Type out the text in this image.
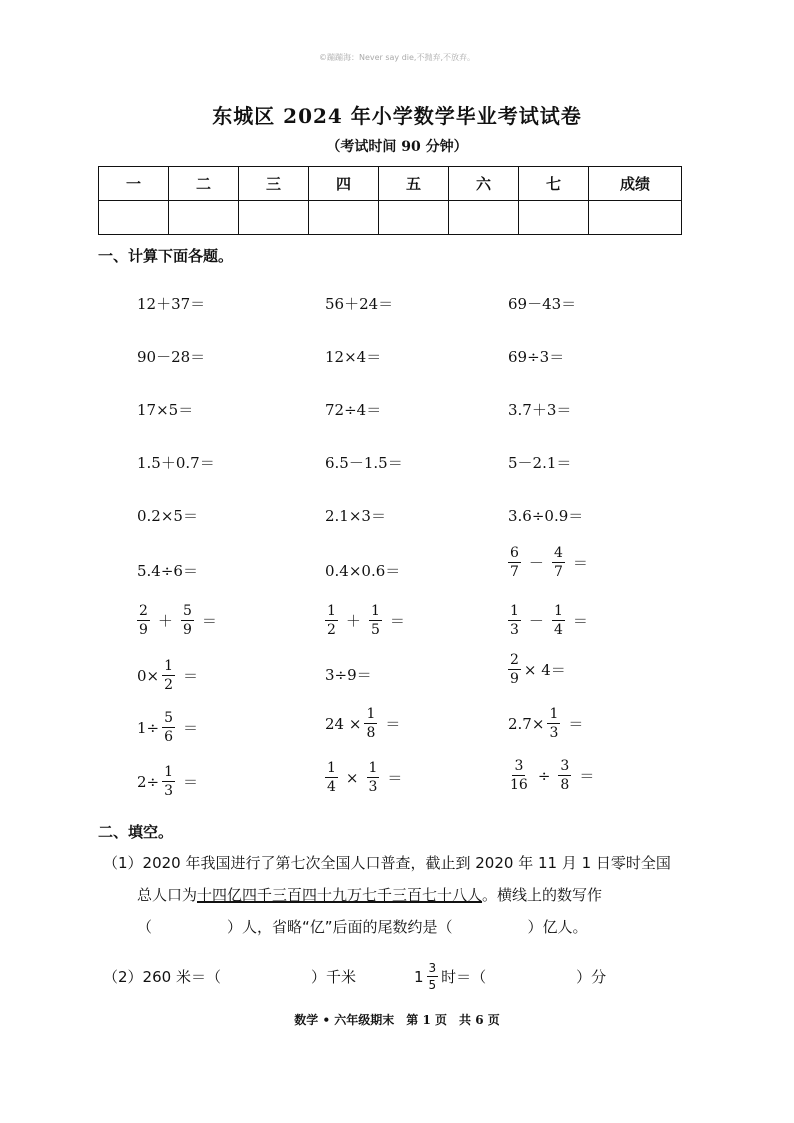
©蹦蹦海：Never say die,不抛弃,不放弃。
东城区 2024 年小学数学毕业考试试卷
（考试时间 90 分钟）
一	二	三	四	五	六	七	成绩

一、计算下面各题。
12＋37＝	56＋24＝	69－43＝
90－28＝	12×4＝	69÷3＝
17×5＝	72÷4＝	3.7＋3＝
1.5＋0.7＝	6.5－1.5＝	5－2.1＝
0.2×5＝	2.1×3＝	3.6÷0.9＝
5.4÷6＝	0.4×0.6＝	$\frac{6}{7} - \frac{4}{7}$ ＝
$\frac{2}{9} + \frac{5}{9}$ ＝	$\frac{1}{2} + \frac{1}{5}$ ＝	$\frac{1}{3} - \frac{1}{4}$ ＝
$0\times \frac{1}{2}$ ＝	3÷9＝	$\frac{2}{9} \times 4=$
$1\div \frac{5}{6}$ ＝	$24 \times \frac{1}{8}$ ＝	$2.7\times \frac{1}{3}$ ＝
$2\div \frac{1}{3}$ ＝	$\frac{1}{4} \times \frac{1}{3}$ ＝	$\frac{3}{16} \div \frac{3}{8}$ ＝
二、填空。
（1）2020 年我国进行了第七次全国人口普查，截止到 2020 年 11 月 1 日零时全国
总人口为十四亿四千三百四十九万七千三百七十八人。横线上的数写作
（　　　　　）人，省略“亿”后面的尾数约是（　　　　　）亿人。
（2）260 米＝（　　　　　　）千米	$1 \frac{3}{5}$ 时＝（　　　　　　）分
数学 • 六年级期末　第 1 页　共 6 页
